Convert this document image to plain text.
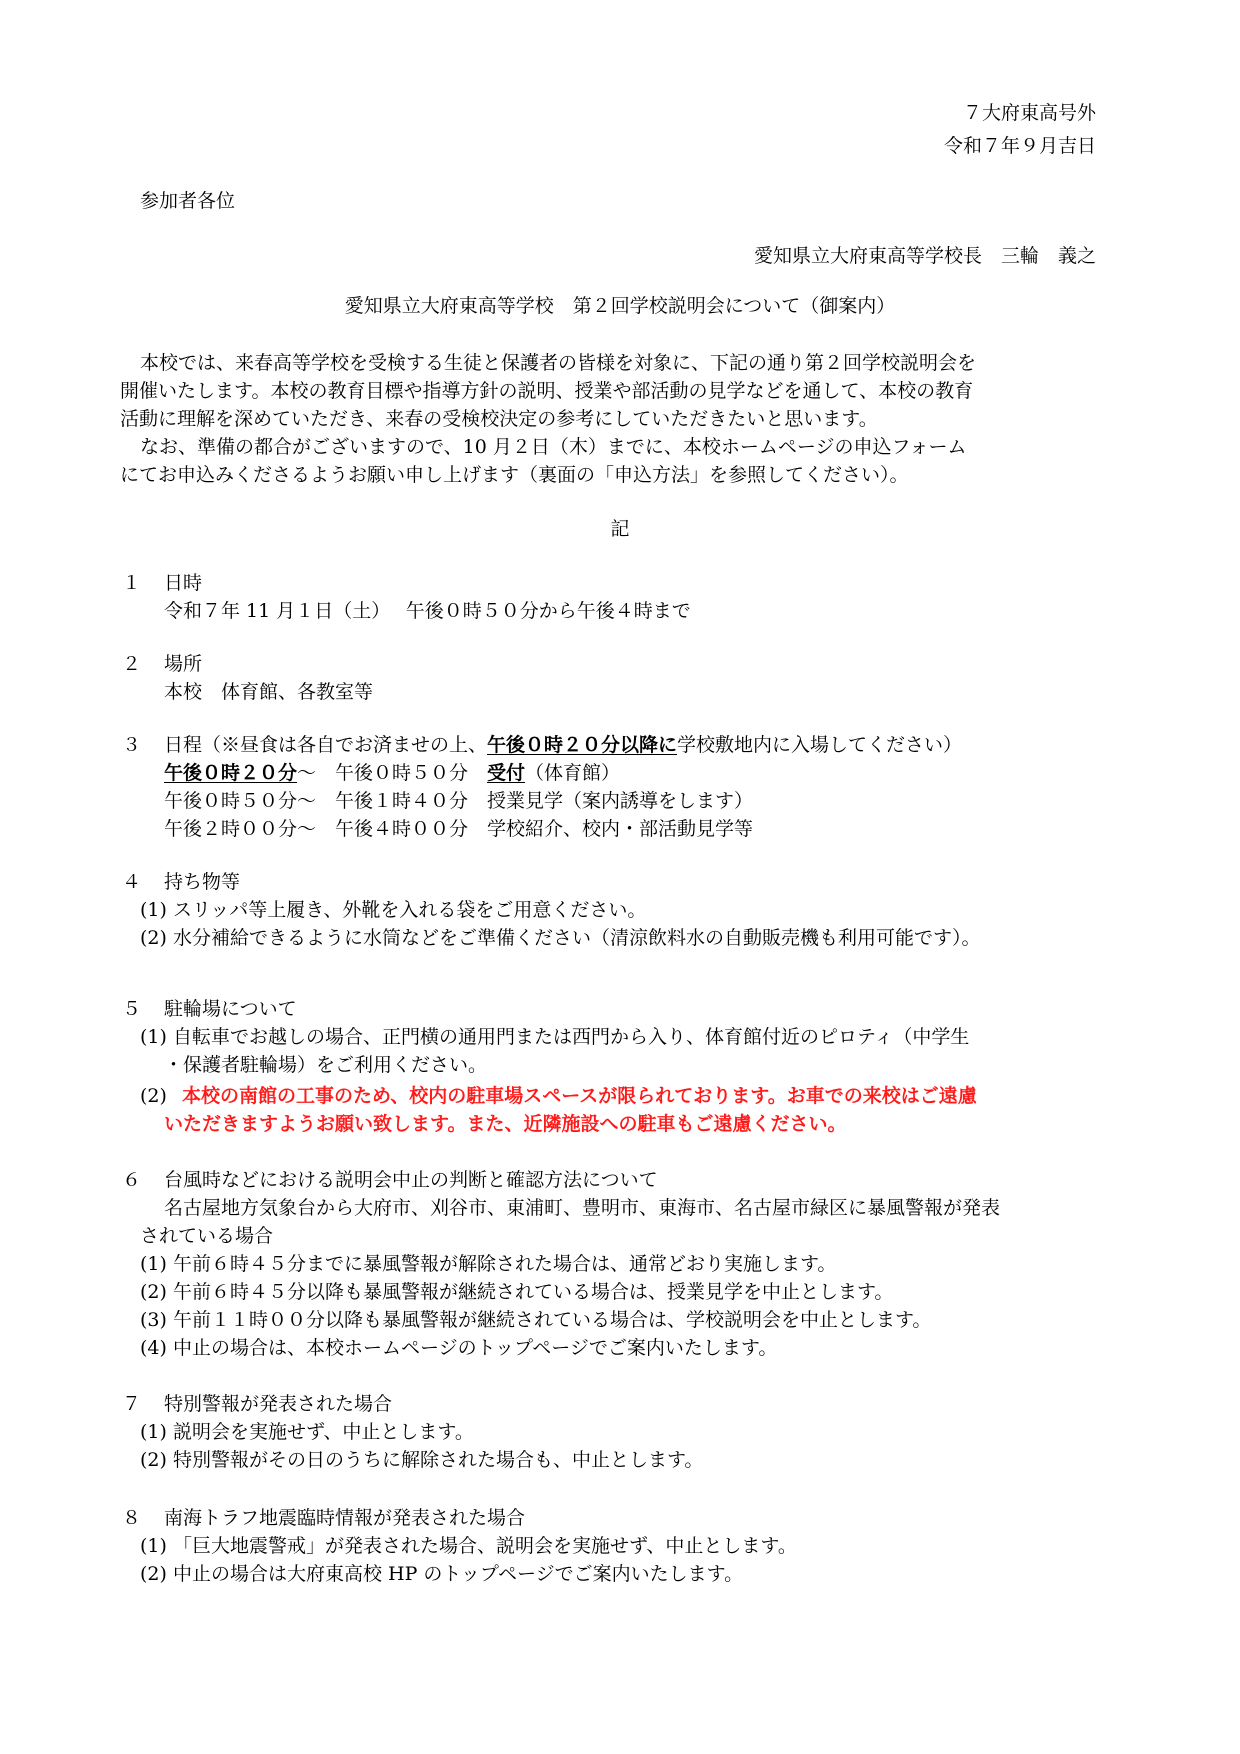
７大府東高号外
令和７年９月吉日
参加者各位
愛知県立大府東高等学校長　三輪　義之
愛知県立大府東高等学校　第２回学校説明会について（御案内）
本校では、来春高等学校を受検する生徒と保護者の皆様を対象に、下記の通り第２回学校説明会を
開催いたします。本校の教育目標や指導方針の説明、授業や部活動の見学などを通して、本校の教育
活動に理解を深めていただき、来春の受検校決定の参考にしていただきたいと思います。
なお、準備の都合がございますので、10 月２日（木）までに、本校ホームページの申込フォーム
にてお申込みくださるようお願い申し上げます（裏面の「申込方法」を参照してください）。
記
１ 日時
令和７年 11 月１日（土）　 午後０時５０分から午後４時まで
２ 場所
本校　体育館、各教室等
３ 日程（※昼食は各自でお済ませの上、午後０時２０分以降に学校敷地内に入場してください）
午後０時２０分～　午後０時５０分　受付（体育館）
午後０時５０分～　午後１時４０分　授業見学（案内誘導をします）
午後２時００分～　午後４時００分　学校紹介、校内・部活動見学等
４ 持ち物等
(1) スリッパ等上履き、外靴を入れる袋をご用意ください。
(2) 水分補給できるように水筒などをご準備ください（清涼飲料水の自動販売機も利用可能です）。
５ 駐輪場について
(1) 自転車でお越しの場合、正門横の通用門または西門から入り、体育館付近のピロティ（中学生
・保護者駐輪場）をご利用ください。
(2) 本校の南館の工事のため、校内の駐車場スペースが限られております。お車での来校はご遠慮
いただきますようお願い致します。また、近隣施設への駐車もご遠慮ください。
６ 台風時などにおける説明会中止の判断と確認方法について
名古屋地方気象台から大府市、刈谷市、東浦町、豊明市、東海市、名古屋市緑区に暴風警報が発表
されている場合
(1) 午前６時４５分までに暴風警報が解除された場合は、通常どおり実施します。
(2) 午前６時４５分以降も暴風警報が継続されている場合は、授業見学を中止とします。
(3) 午前１１時００分以降も暴風警報が継続されている場合は、学校説明会を中止とします。
(4) 中止の場合は、本校ホームページのトップページでご案内いたします。
７ 特別警報が発表された場合
(1) 説明会を実施せず、中止とします。
(2) 特別警報がその日のうちに解除された場合も、中止とします。
８ 南海トラフ地震臨時情報が発表された場合
(1) 「巨大地震警戒」が発表された場合、説明会を実施せず、中止とします。
(2) 中止の場合は大府東高校 HP のトップページでご案内いたします。
